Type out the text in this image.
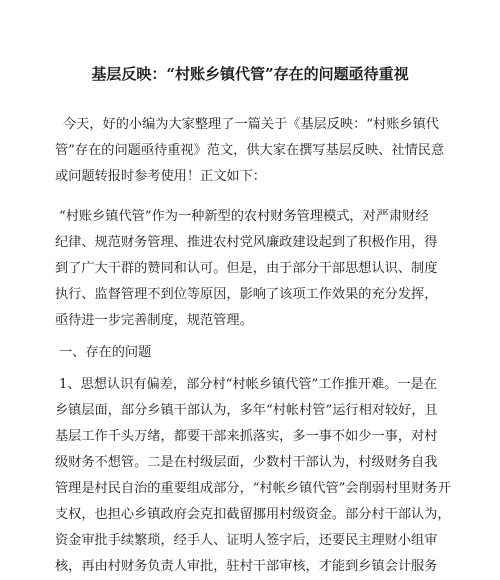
基层反映：“村账乡镇代管”存在的问题亟待重视
今天，好的小编为大家整理了一篇关于《基层反映：“村账乡镇代
管”存在的问题亟待重视》范文，供大家在撰写基层反映、社情民意
或问题转报时参考使用！正文如下：
“村账乡镇代管”作为一种新型的农村财务管理模式，对严肃财经
纪律、规范财务管理、推进农村党风廉政建设起到了积极作用，得
到了广大干群的赞同和认可。但是，由于部分干部思想认识、制度
执行、监督管理不到位等原因，影响了该项工作效果的充分发挥，
亟待进一步完善制度，规范管理。
一、存在的问题
1、思想认识有偏差，部分村“村帐乡镇代管”工作推开难。一是在
乡镇层面，部分乡镇干部认为，多年“村帐村管”运行相对较好，且
基层工作千头万绪，都要干部来抓落实，多一事不如少一事，对村
级财务不想管。二是在村级层面，少数村干部认为，村级财务自我
管理是村民自治的重要组成部分，“村帐乡镇代管”会削弱村里财务开
支权，也担心乡镇政府会克扣截留挪用村级资金。部分村干部认为，
资金审批手续繁琐，经手人、证明人签字后，还要民主理财小组审
核，再由村财务负责人审批，驻村干部审核，才能到乡镇会计服务
